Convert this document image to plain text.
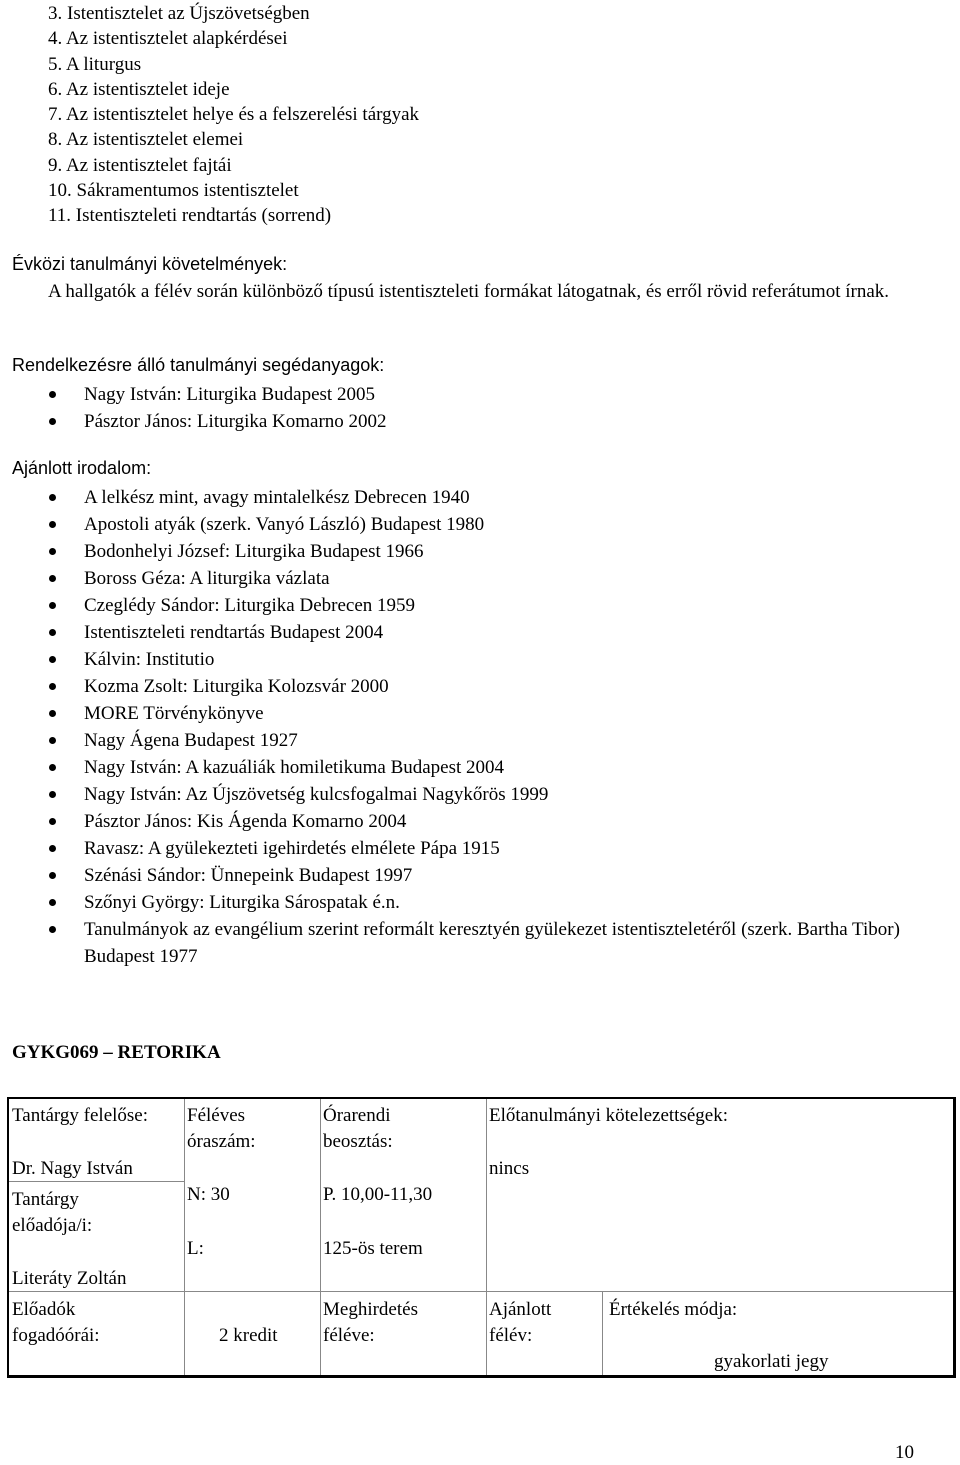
3. Istentisztelet az Újszövetségben
4. Az istentisztelet alapkérdései
5. A liturgus
6. Az istentisztelet ideje
7. Az istentisztelet helye és a felszerelési tárgyak
8. Az istentisztelet elemei
9. Az istentisztelet fajtái
10. Sákramentumos istentisztelet
11. Istentiszteleti rendtartás (sorrend)
Évközi tanulmányi követelmények:
A hallgatók a félév során különböző típusú istentiszteleti formákat látogatnak, és erről rövid referátumot írnak.
Rendelkezésre álló tanulmányi segédanyagok:
Nagy István: Liturgika Budapest 2005
Pásztor János: Liturgika Komarno 2002
Ajánlott irodalom:
A lelkész mint, avagy mintalelkész Debrecen 1940
Apostoli atyák (szerk. Vanyó László) Budapest 1980
Bodonhelyi József: Liturgika Budapest 1966
Boross Géza: A liturgika vázlata
Czeglédy Sándor: Liturgika Debrecen 1959
Istentiszteleti rendtartás Budapest 2004
Kálvin: Institutio
Kozma Zsolt: Liturgika Kolozsvár 2000
MORE Törvénykönyve
Nagy Ágena Budapest 1927
Nagy István: A kazuáliák homiletikuma Budapest 2004
Nagy István: Az Újszövetség kulcsfogalmai Nagykőrös 1999
Pásztor János: Kis Ágenda Komarno 2004
Ravasz: A gyülekezteti igehirdetés elmélete Pápa 1915
Szénási Sándor: Ünnepeink Budapest 1997
Szőnyi György: Liturgika Sárospatak é.n.
Tanulmányok az evangélium szerint reformált keresztyén gyülekezet istentiszteletéről (szerk. Bartha Tibor) Budapest 1977
GYKG069 – RETORIKA
Tantárgy felelőse:
Dr. Nagy István
Tantárgy
előadója/i:
Literáty Zoltán
Féléves
óraszám:
N: 30
L:
Órarendi
beosztás:
P. 10,00-11,30
125-ös terem
Előtanulmányi kötelezettségek:
nincs
Előadók
fogadóórái:	2 kredit
Meghirdetés
féléve:
Ajánlott
félév:
Értékelés módja:
gyakorlati jegy
10
